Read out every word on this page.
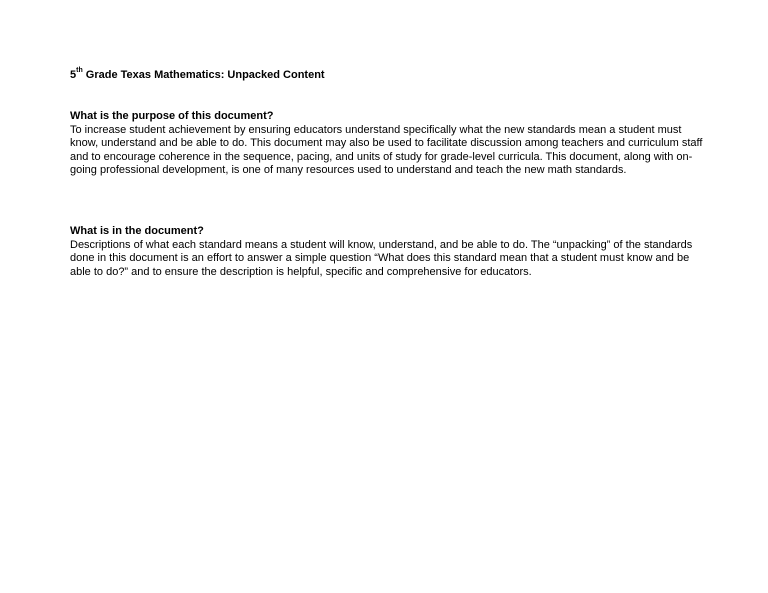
5th Grade Texas Mathematics: Unpacked Content
What is the purpose of this document?

To increase student achievement by ensuring educators understand specifically what the new standards mean a student must know, understand and be able to do. This document may also be used to facilitate discussion among teachers and curriculum staff and to encourage coherence in the sequence, pacing, and units of study for grade-level curricula. This document, along with on-going professional development, is one of many resources used to understand and teach the new math standards.

What is in the document?

Descriptions of what each standard means a student will know, understand, and be able to do. The “unpacking” of the standards done in this document is an effort to answer a simple question “What does this standard mean that a student must know and be able to do?” and to ensure the description is helpful, specific and comprehensive for educators.
